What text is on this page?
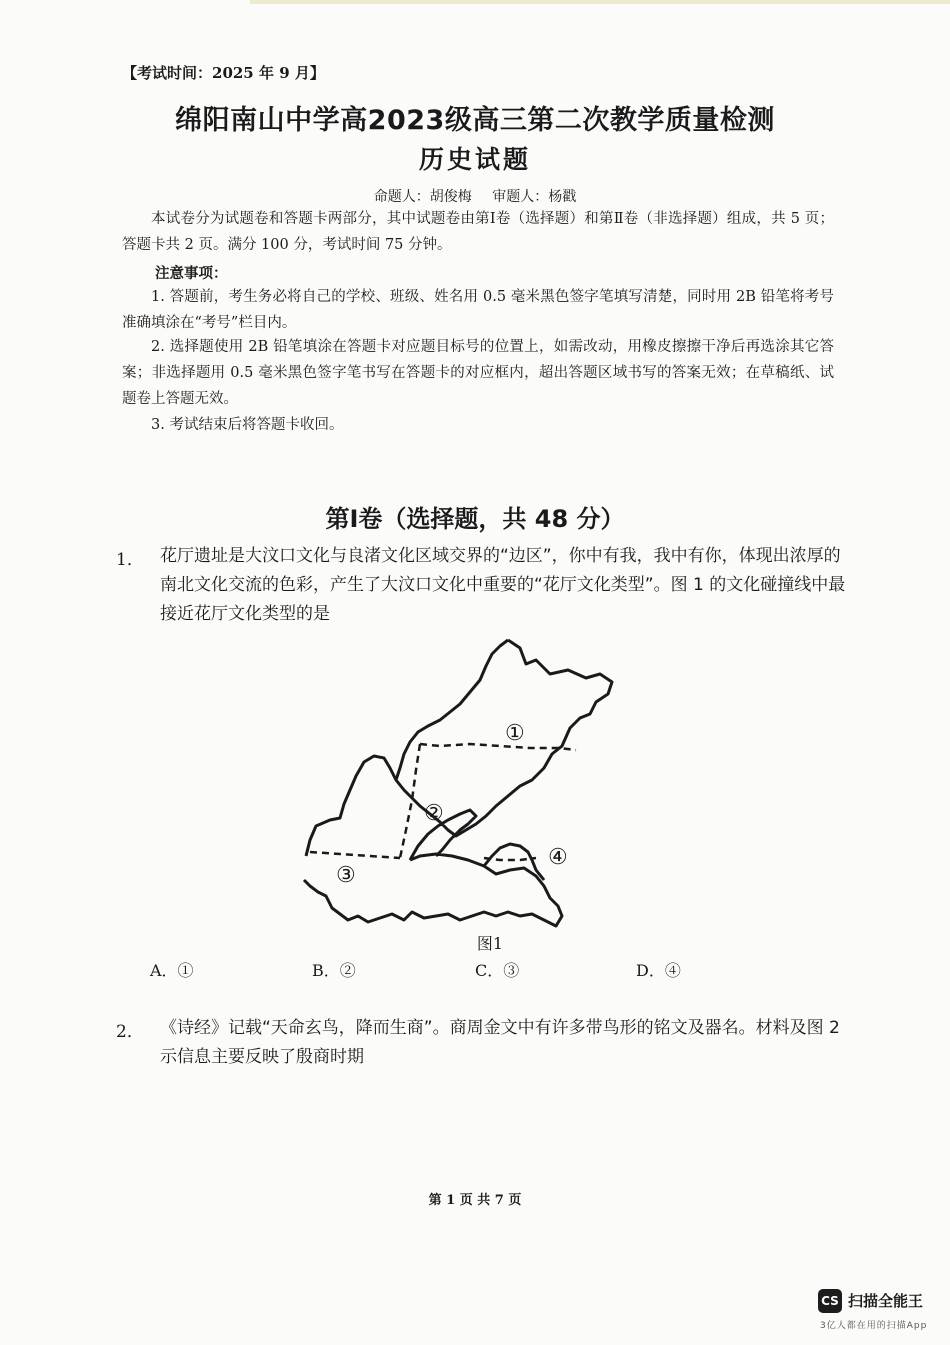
【考试时间：2025 年 9 月】
绵阳南山中学高2023级高三第二次教学质量检测
历史试题
命题人：胡俊梅 审题人：杨戳
本试卷分为试题卷和答题卡两部分，其中试题卷由第Ⅰ卷（选择题）和第Ⅱ卷（非选择题）组成，共 5 页；答题卡共 2 页。满分 100 分，考试时间 75 分钟。
注意事项：
1. 答题前，考生务必将自己的学校、班级、姓名用 0.5 毫米黑色签字笔填写清楚，同时用 2B 铅笔将考号准确填涂在“考号”栏目内。
2. 选择题使用 2B 铅笔填涂在答题卡对应题目标号的位置上，如需改动，用橡皮擦擦干净后再选涂其它答案；非选择题用 0.5 毫米黑色签字笔书写在答题卡的对应框内，超出答题区域书写的答案无效；在草稿纸、试题卷上答题无效。
3. 考试结束后将答题卡收回。
第Ⅰ卷（选择题，共 48 分）
1． 花厅遗址是大汶口文化与良渚文化区域交界的“边区”，你中有我，我中有你，体现出浓厚的南北文化交流的色彩，产生了大汶口文化中重要的“花厅文化类型”。图 1 的文化碰撞线中最接近花厅文化类型的是
①
②
③
④
图1
A．①	B．②	C．③	D．④
2． 《诗经》记载“天命玄鸟，降而生商”。商周金文中有许多带鸟形的铭文及器名。材料及图 2 示信息主要反映了殷商时期
第 1 页 共 7 页
CS 扫描全能王
3亿人都在用的扫描App
